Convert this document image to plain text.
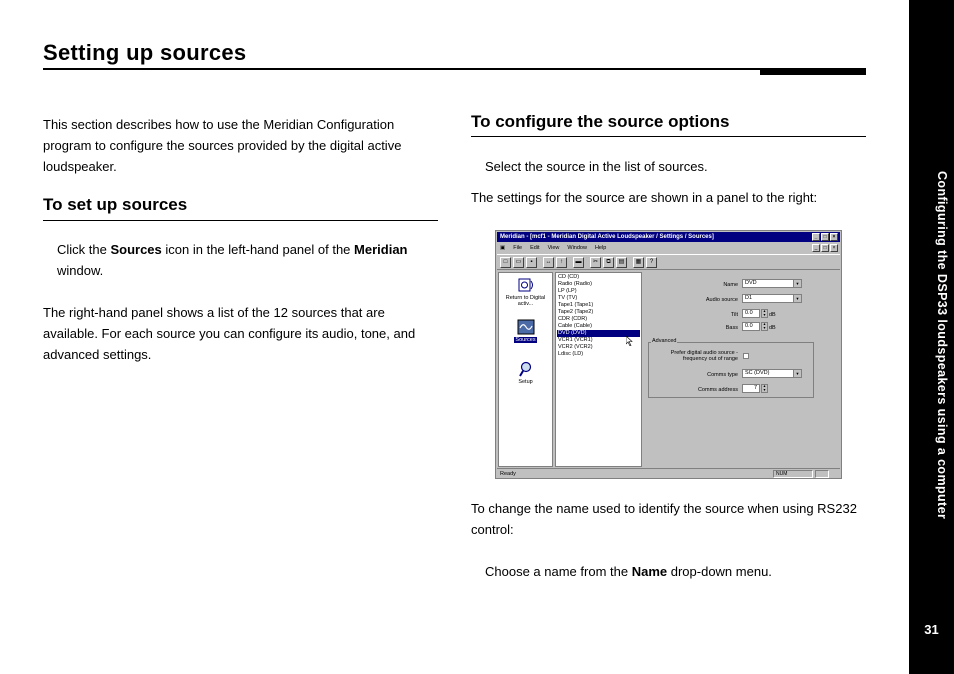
Setting up sources

This section describes how to use the Meridian Configuration program to configure the sources provided by the digital active loudspeaker.

To set up sources

Click the Sources icon in the left-hand panel of the Meridian window.

The right-hand panel shows a list of the 12 sources that are available. For each source you can configure its audio, tone, and advanced settings.

To configure the source options

Select the source in the list of sources.

The settings for the source are shown in a panel to the right:

Meridian - [mcf1 - Meridian Digital Active Loudspeaker / Settings / Sources]	_	□	×
▣ File Edit View Window Help	_	□	×
□	▭	▪	↔	↑	▬	✂	⧉	▤	▦	?
Return to Digital activ...
Sources
Setup
CD (CD)
Radio (Radio)
LP (LP)
TV (TV)
Tape1 (Tape1)
Tape2 (Tape2)
CDR (CDR)
Cable (Cable)
DVD (DVD)
VCR1 (VCR1)
VCR2 (VCR2)
Ldisc (LD)
Name	DVD	▼
Audio source	D1	▼
Tilt	0.0	▲
▼ dB
Bass	0.0	▲
▼ dB
Advanced
Prefer digital audio source -
frequency out of range
Comms type	SC (DVD)	▼
Comms address	7	▲
▼
Ready	NUM

To change the name used to identify the source when using RS232 control:

Choose a name from the Name drop-down menu.

Configuring the DSP33 loudspeakers using a computer
31
